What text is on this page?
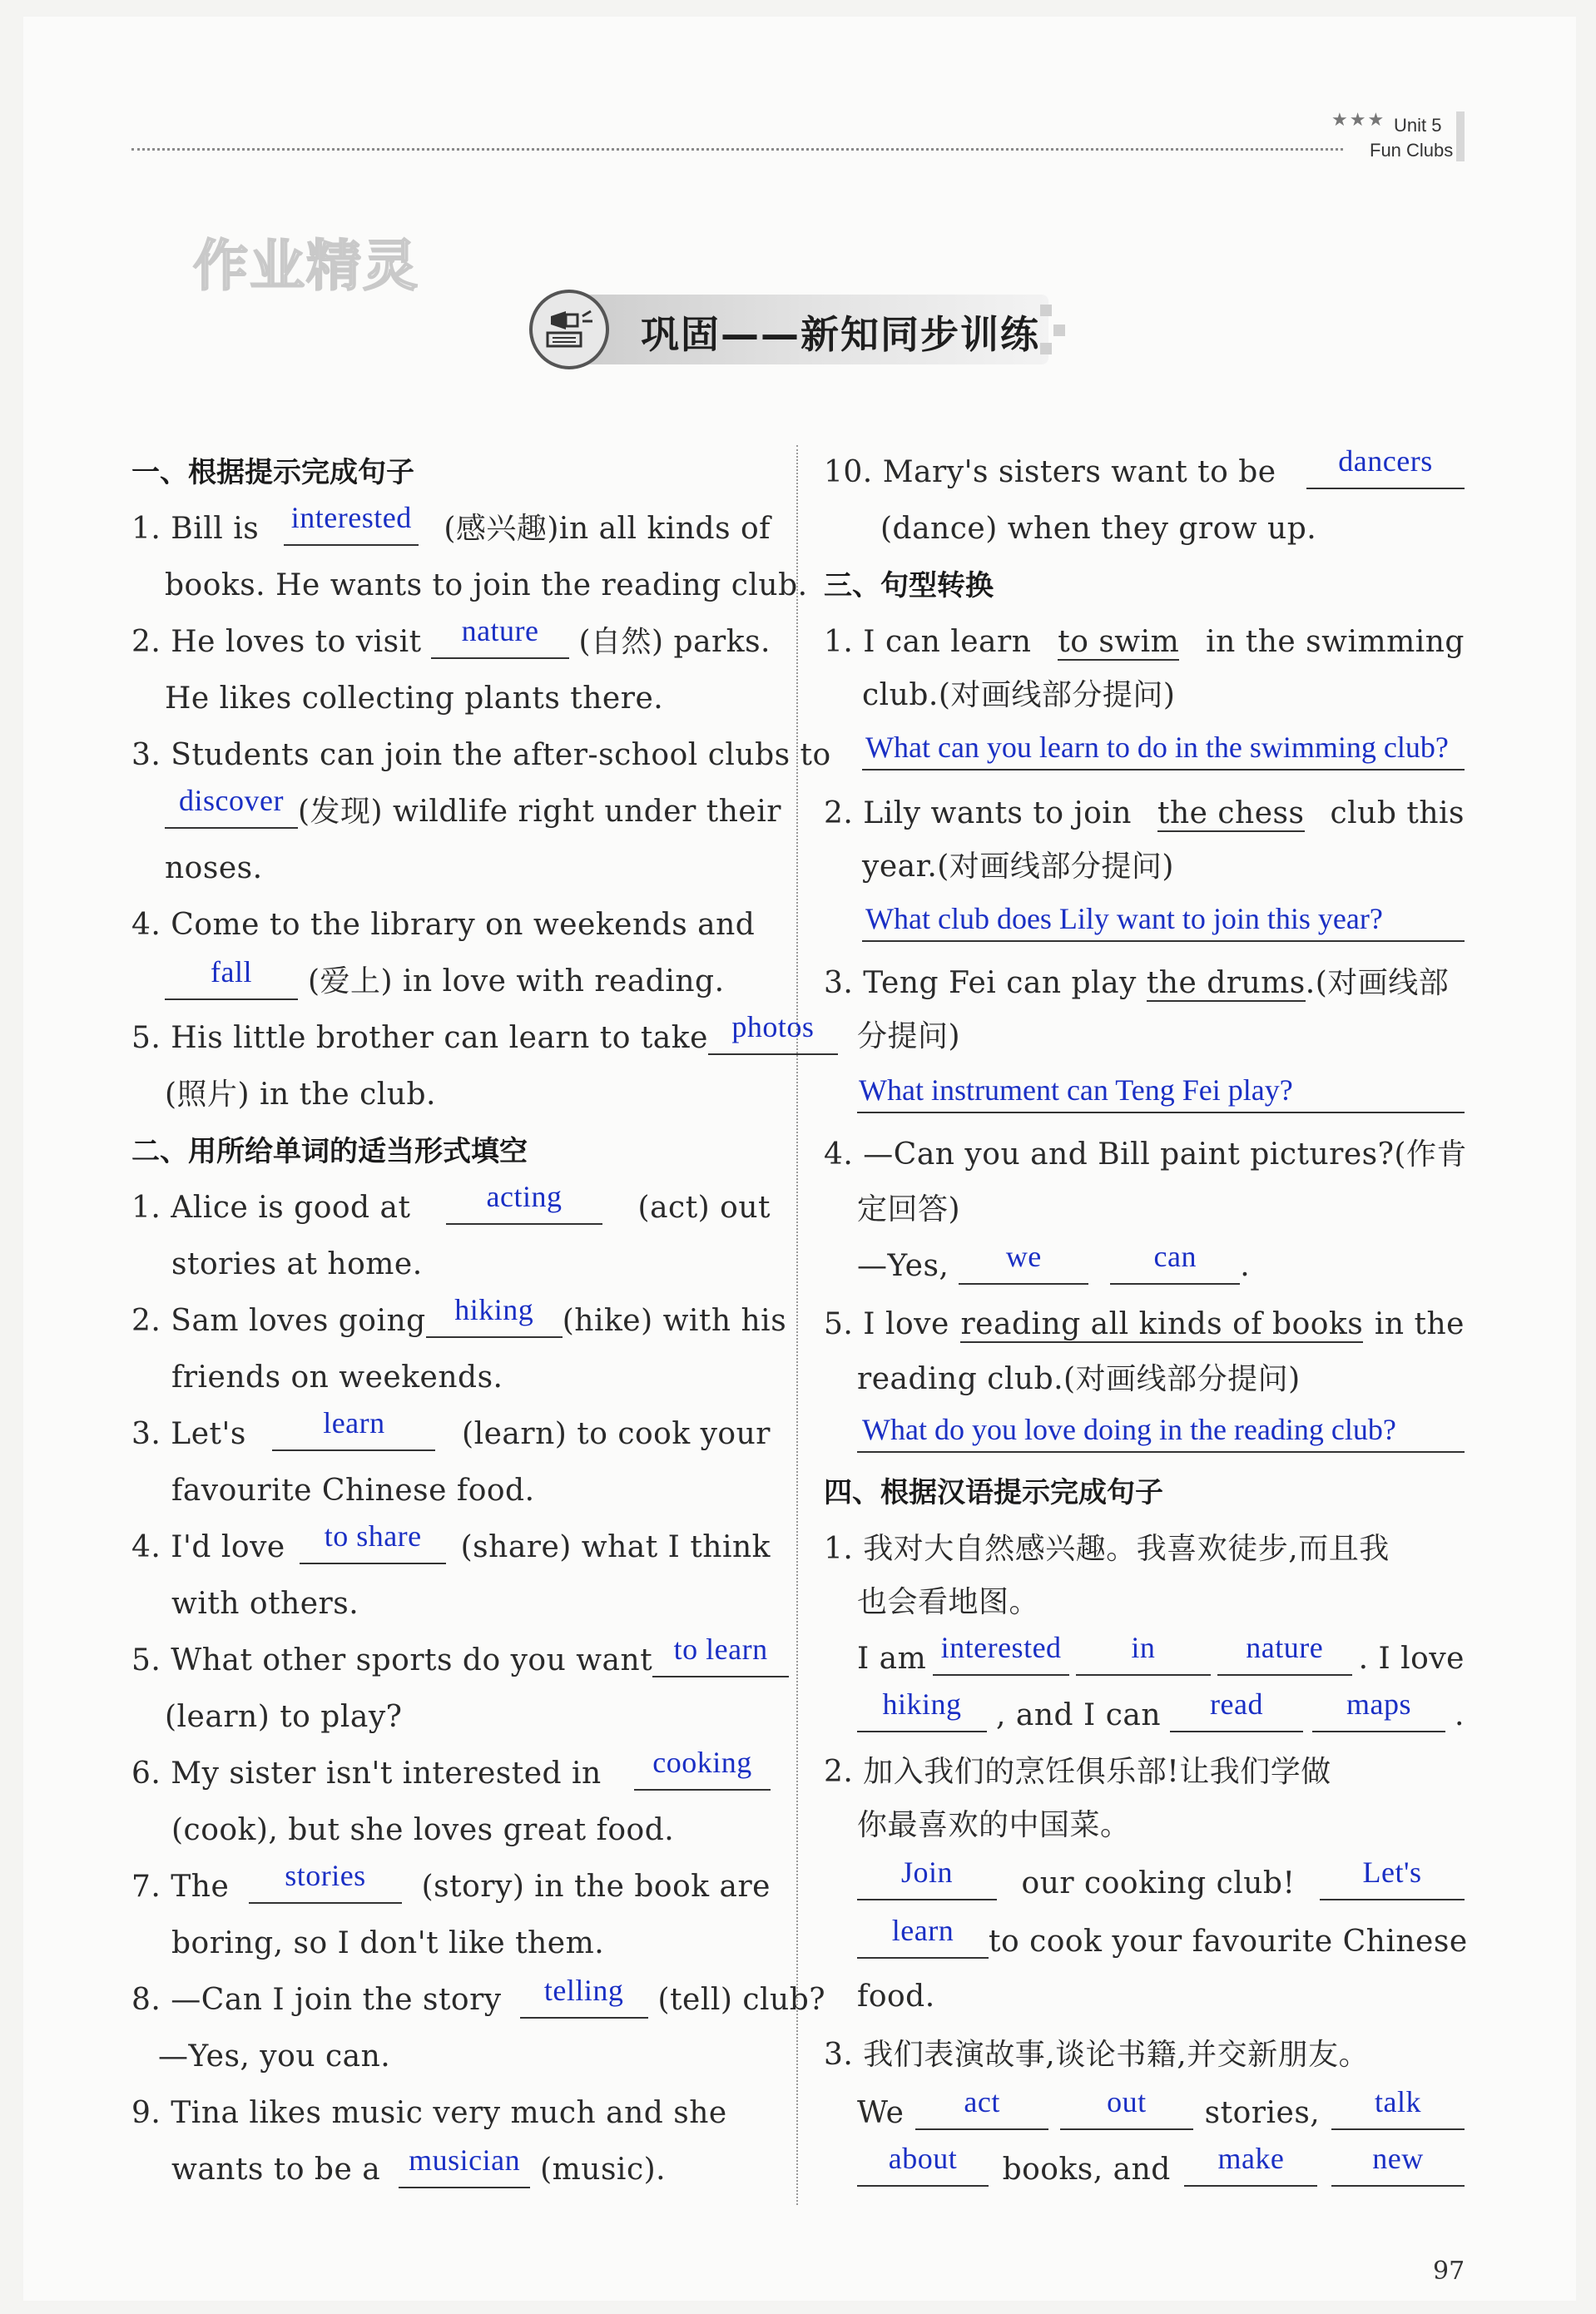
★★★ Unit 5
Fun Clubs
作业精灵
巩固——新知同步训练
一、根据提示完成句子
1. Bill is interested (感兴趣)in all kinds of
books. He wants to join the reading club.
2. He loves to visit	nature	(自然) parks.
He likes collecting plants there.
3. Students can join the after-school clubs to
discover (发现) wildlife right under their
noses.
4. Come to the library on weekends and
fall	(爱上) in love with reading.
5. His little brother can learn to take photos
(照片) in the club.
二、用所给单词的适当形式填空
1. Alice is good at	acting	(act) out
stories at home.
2. Sam loves going hiking (hike) with his
friends on weekends.
3. Let's	learn	(learn) to cook your
favourite Chinese food.
4. I'd love	to share	(share) what I think
with others.
5. What other sports do you want to learn
(learn) to play?
6. My sister isn't interested in	cooking
(cook), but she loves great food.
7. The	stories	(story) in the book are
boring, so I don't like them.
8. —Can I join the story	telling	(tell) club?
—Yes, you can.
9. Tina likes music very much and she
wants to be a musician (music).
10. Mary's sisters want to be	dancers
(dance) when they grow up.
三、句型转换
1. I can learn to swim in the swimming
club.(对画线部分提问)
What can you learn to do in the swimming club?
2. Lily wants to join the chess club this
year.(对画线部分提问)
What club does Lily want to join this year?
3. Teng Fei can play the drums.(对画线部
分提问)
What instrument can Teng Fei play?
4. —Can you and Bill paint pictures?(作肯
定回答)
—Yes,	we
	can	.
5. I love reading all kinds of books in the
reading club.(对画线部分提问)
What do you love doing in the reading club?
四、根据汉语提示完成句子
1. 我对大自然感兴趣。我喜欢徒步,而且我
也会看地图。
I am interested	in	nature	. I love
hiking	, and I can	read	maps	.
2. 加入我们的烹饪俱乐部!让我们学做
你最喜欢的中国菜。
Join	our cooking club!	Let's
learn	to cook your favourite Chinese
food.
3. 我们表演故事,谈论书籍,并交新朋友。
We	act	out	stories,	talk
about	books, and	make	new
97
